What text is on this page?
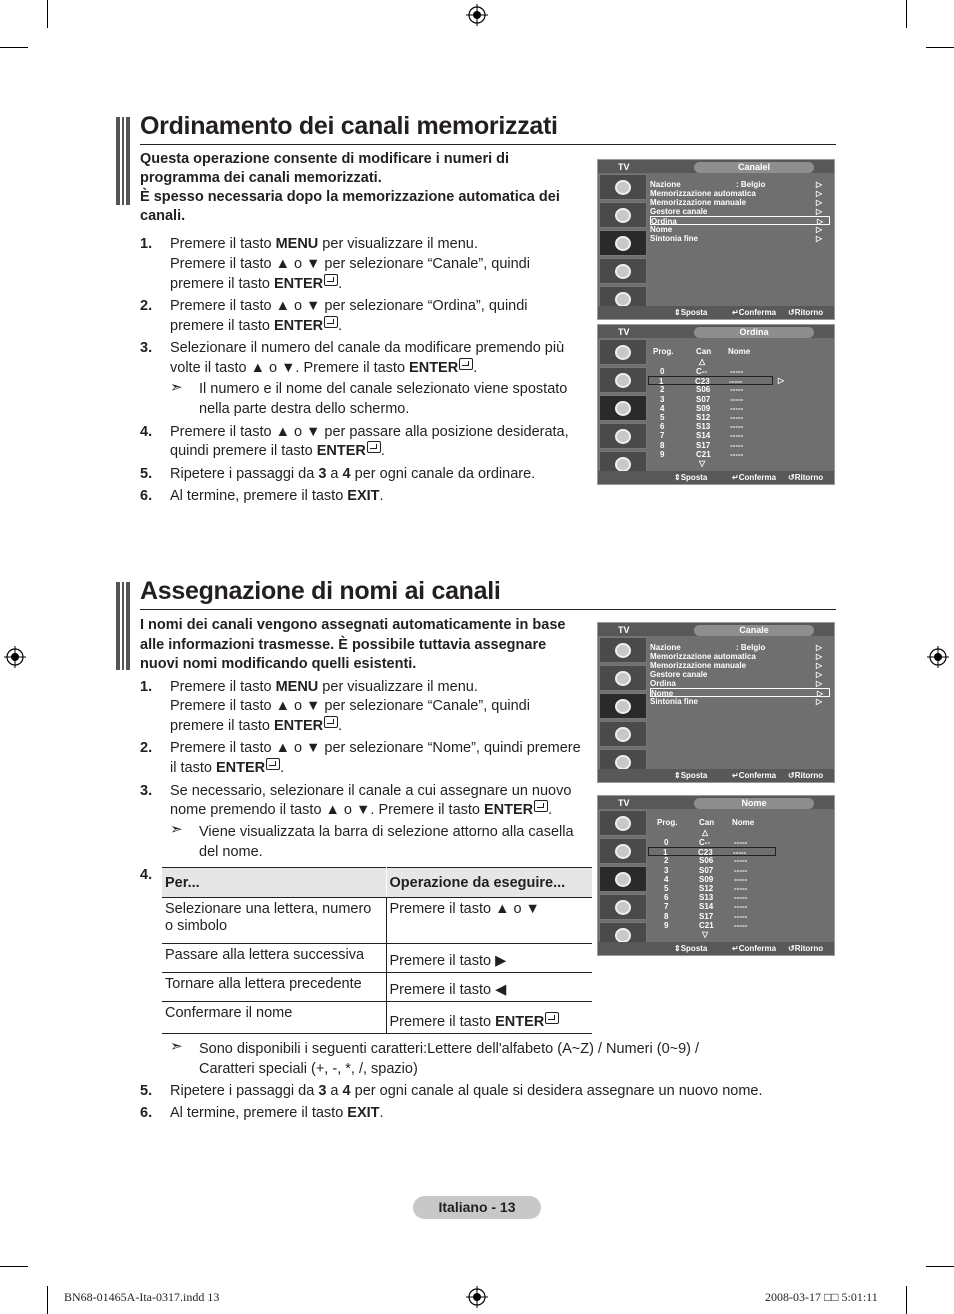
Ordinamento dei canali memorizzati
Questa operazione consente di modificare i numeri di programma dei canali memorizzati.
È spesso necessaria dopo la memorizzazione automatica dei canali.
1. Premere il tasto MENU per visualizzare il menu.
Premere il tasto ▲ o ▼ per selezionare “Canale”, quindi
premere il tasto ENTER .
2. Premere il tasto ▲ o ▼ per selezionare “Ordina”, quindi
premere il tasto ENTER .
3. Selezionare il numero del canale da modificare premendo più
volte il tasto ▲ o ▼. Premere il tasto ENTER .
➣ Il numero e il nome del canale selezionato viene spostato
nella parte destra dello schermo.
4. Premere il tasto ▲ o ▼ per passare alla posizione desiderata,
quindi premere il tasto ENTER .
5. Ripetere i passaggi da 3 a 4 per ogni canale da ordinare.
6. Al termine, premere il tasto EXIT.
TV	Canalel
Nazione	: Belgio	▷
Memorizzazione automatica	▷
Memorizzazione manuale	▷
Gestore canale	▷
Ordina	▷
Nome	▷
Sintonia fine	▷
⇕ Sposta	↵ Conferma ↺ Ritorno
TV	Ordina
Prog.	Can Nome
△
0	C--	-----
1	C23 -----	▷
2	S06 -----
3	S07 -----
4	S09 -----
5	S12 -----
6	S13 -----
7	S14 -----
8	S17 -----
9	C21 -----
▽
⇕ Sposta	↵ Conferma ↺ Ritorno
Assegnazione di nomi ai canali
I nomi dei canali vengono assegnati automaticamente in base alle informazioni trasmesse. È possibile tuttavia assegnare nuovi nomi modificando quelli esistenti.
1. Premere il tasto MENU per visualizzare il menu.
Premere il tasto ▲ o ▼ per selezionare “Canale”, quindi
premere il tasto ENTER .
2. Premere il tasto ▲ o ▼ per selezionare “Nome”, quindi premere
il tasto ENTER .
3. Se necessario, selezionare il canale a cui assegnare un nuovo
nome premendo il tasto ▲ o ▼. Premere il tasto ENTER .
➣ Viene visualizzata la barra di selezione attorno alla casella
del nome.
4.
➣ Sono disponibili i seguenti caratteri:Lettere dell'alfabeto (A~Z) / Numeri (0~9) /
Caratteri speciali (+, -, *, /, spazio)
5. Ripetere i passaggi da 3 a 4 per ogni canale al quale si desidera assegnare un nuovo nome.
6. Al termine, premere il tasto EXIT.
Per...	Operazione da eseguire...
Selezionare una lettera, numero o simbolo	Premere il tasto ▲ o ▼
Passare alla lettera successiva	Premere il tasto ▶
Tornare alla lettera precedente	Premere il tasto ◀
Confermare il nome	Premere il tasto ENTER
TV	Canale
Nazione	: Belgio	▷
Memorizzazione automatica	▷
Memorizzazione manuale	▷
Gestore canale	▷
Ordina	▷
Nome	▷
Sintonia fine	▷
⇕ Sposta	↵ Conferma ↺ Ritorno
TV	Nome
Prog.	Can Nome
△
0	C--	-----
1	C23	-----
2	S06	-----
3	S07	-----
4	S09	-----
5	S12	-----
6	S13	-----
7	S14	-----
8	S17	-----
9	C21	-----
▽
⇕ Sposta	↵ Conferma ↺ Ritorno
Italiano - 13
BN68-01465A-Ita-0317.indd 13	2008-03-17 □□ 5:01:11
